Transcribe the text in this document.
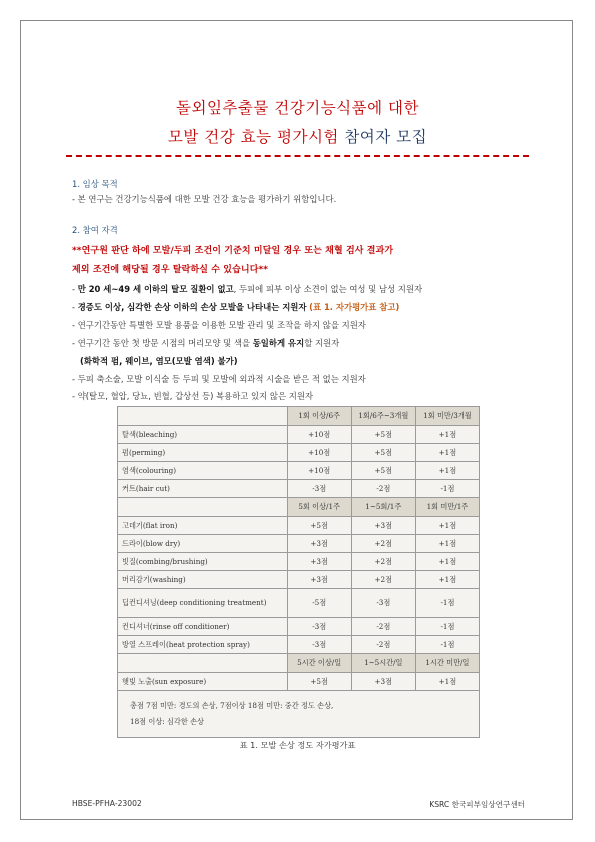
돌외잎추출물 건강기능식품에 대한
모발 건강 효능 평가시험 참여자 모집
1. 임상 목적
- 본 연구는 건강기능식품에 대한 모발 건강 효능을 평가하기 위함입니다.
2. 참여 자격
**연구원 판단 하에 모발/두피 조건이 기준치 미달일 경우 또는 채혈 검사 결과가
제외 조건에 해당될 경우 탈락하실 수 있습니다**
- 만 20 세~49 세 이하의 탈모 질환이 없고, 두피에 피부 이상 소견이 없는 여성 및 남성 지원자
- 경증도 이상, 심각한 손상 이하의 손상 모발을 나타내는 지원자 (표 1. 자가평가표 참고)
- 연구기간동안 특별한 모발 용품을 이용한 모발 관리 및 조작을 하지 않을 지원자
- 연구기간 동안 첫 방문 시점의 머리모양 및 색을 동일하게 유지할 지원자
(화학적 펌, 웨이브, 염모(모발 염색) 불가)
- 두피 축소술, 모발 이식술 등 두피 및 모발에 외과적 시술을 받은 적 없는 지원자
- 약(탈모, 혈압, 당뇨, 빈혈, 갑상선 등) 복용하고 있지 않은 지원자
	1회 이상/6주	1회/6주~3개월	1회 미만/3개월
탈색(bleaching)	+10점	+5점	+1점
펌(perming)	+10점	+5점	+1점
염색(colouring)	+10점	+5점	+1점
커트(hair cut)	-3점	-2점	-1점
	5회 이상/1주	1~5회/1주	1회 미만/1주
고데기(flat iron)	+5점	+3점	+1점
드라이(blow dry)	+3점	+2점	+1점
빗질(combing/brushing)	+3점	+2점	+1점
머리감기(washing)	+3점	+2점	+1점
딥컨디셔닝(deep conditioning treatment)	-5점	-3점	-1점
컨디셔너(rinse off conditioner)	-3점	-2점	-1점
방열 스프레이(heat protection spray)	-3점	-2점	-1점
	5시간 이상/일	1~5시간/일	1시간 미만/일
햇빛 노출(sun exposure)	+5점	+3점	+1점

총점 7점 미만: 경도의 손상, 7점이상 18점 미만: 중간 정도 손상,
18점 이상: 심각한 손상			
표 1. 모발 손상 정도 자가평가표
HBSE-PFHA-23002	KSRC 한국피부임상연구센터
